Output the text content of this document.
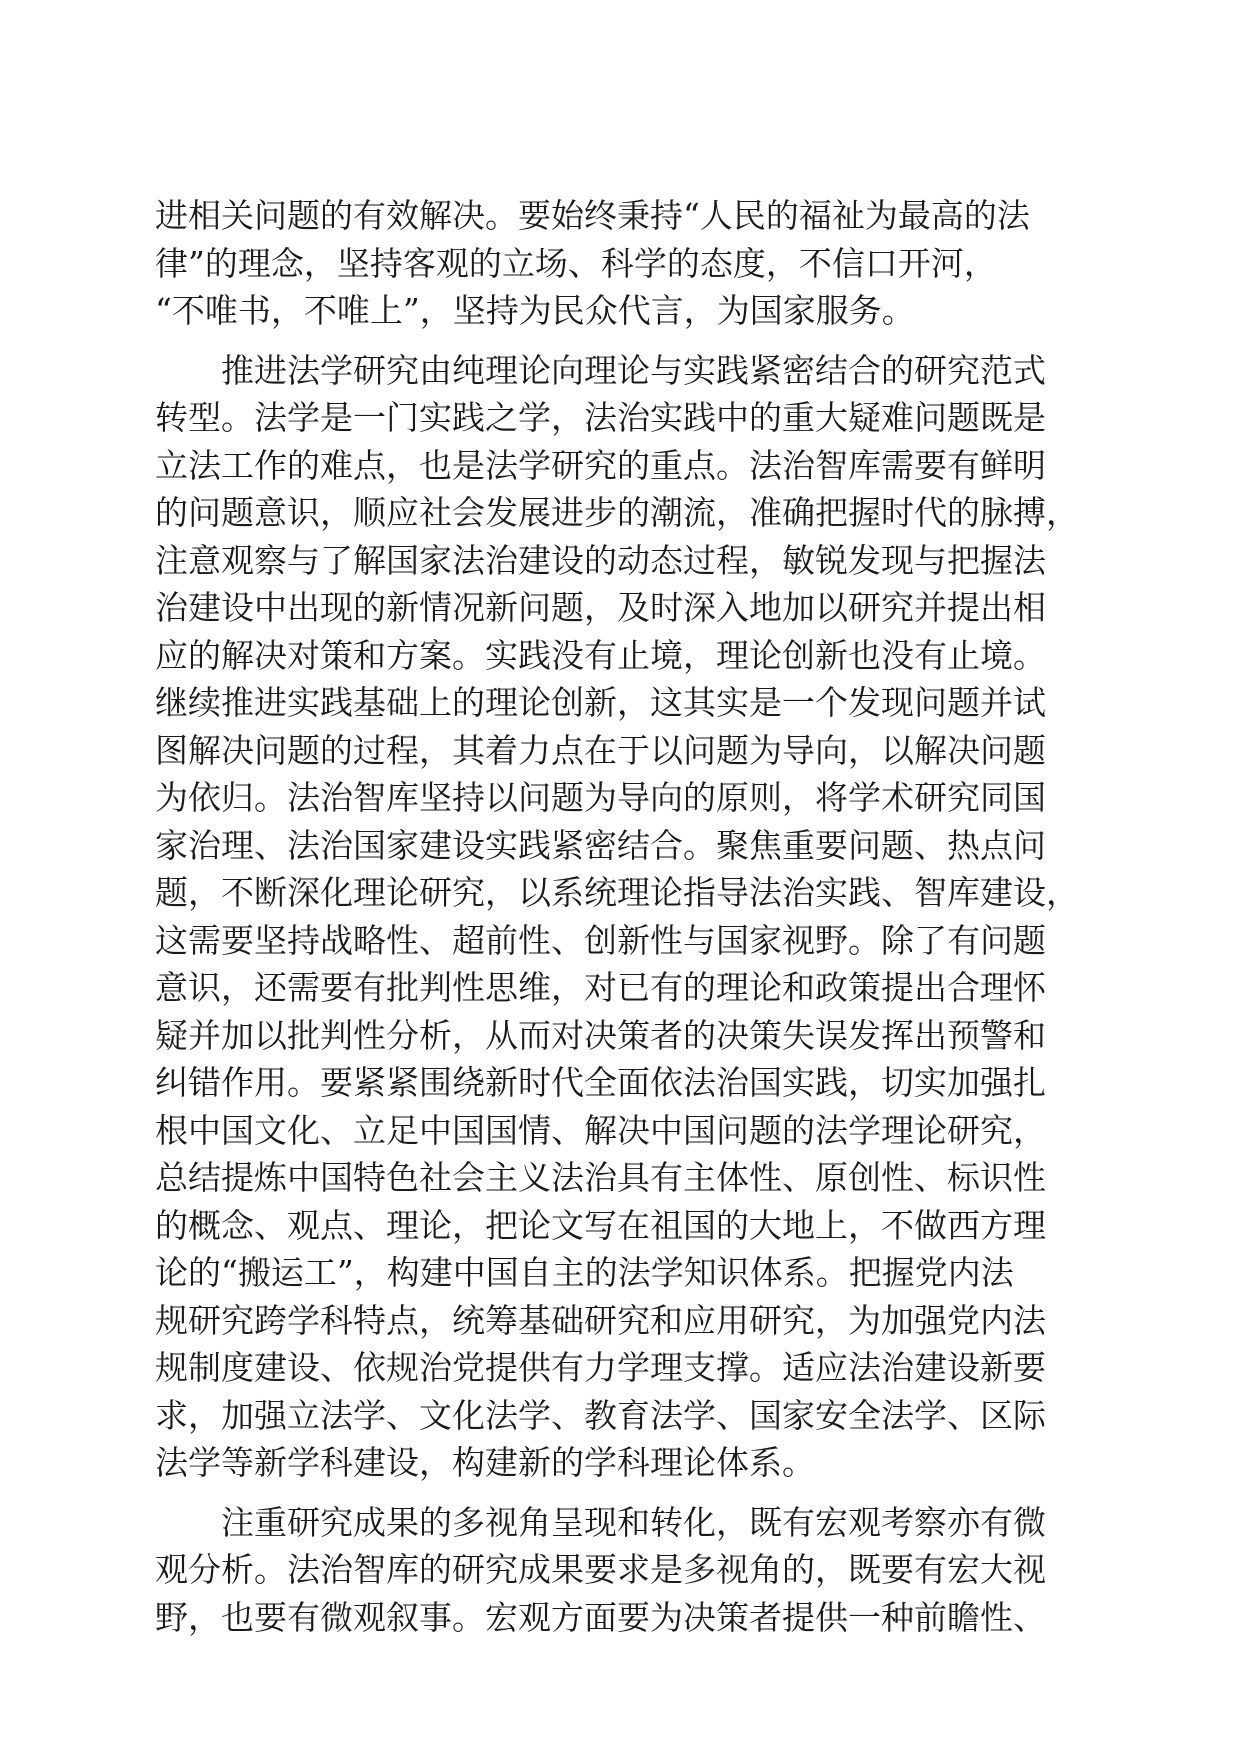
进相关问题的有效解决。要始终秉持“人民的福祉为最高的法
律”的理念，坚持客观的立场、科学的态度，不信口开河，
“不唯书，不唯上”，坚持为民众代言，为国家服务。
推进法学研究由纯理论向理论与实践紧密结合的研究范式
转型。法学是一门实践之学，法治实践中的重大疑难问题既是
立法工作的难点，也是法学研究的重点。法治智库需要有鲜明
的问题意识，顺应社会发展进步的潮流，准确把握时代的脉搏，
注意观察与了解国家法治建设的动态过程，敏锐发现与把握法
治建设中出现的新情况新问题，及时深入地加以研究并提出相
应的解决对策和方案。实践没有止境，理论创新也没有止境。
继续推进实践基础上的理论创新，这其实是一个发现问题并试
图解决问题的过程，其着力点在于以问题为导向，以解决问题
为依归。法治智库坚持以问题为导向的原则，将学术研究同国
家治理、法治国家建设实践紧密结合。聚焦重要问题、热点问
题，不断深化理论研究，以系统理论指导法治实践、智库建设，
这需要坚持战略性、超前性、创新性与国家视野。除了有问题
意识，还需要有批判性思维，对已有的理论和政策提出合理怀
疑并加以批判性分析，从而对决策者的决策失误发挥出预警和
纠错作用。要紧紧围绕新时代全面依法治国实践，切实加强扎
根中国文化、立足中国国情、解决中国问题的法学理论研究，
总结提炼中国特色社会主义法治具有主体性、原创性、标识性
的概念、观点、理论，把论文写在祖国的大地上，不做西方理
论的“搬运工”，构建中国自主的法学知识体系。把握党内法
规研究跨学科特点，统筹基础研究和应用研究，为加强党内法
规制度建设、依规治党提供有力学理支撑。适应法治建设新要
求，加强立法学、文化法学、教育法学、国家安全法学、区际
法学等新学科建设，构建新的学科理论体系。
注重研究成果的多视角呈现和转化，既有宏观考察亦有微
观分析。法治智库的研究成果要求是多视角的，既要有宏大视
野，也要有微观叙事。宏观方面要为决策者提供一种前瞻性、
